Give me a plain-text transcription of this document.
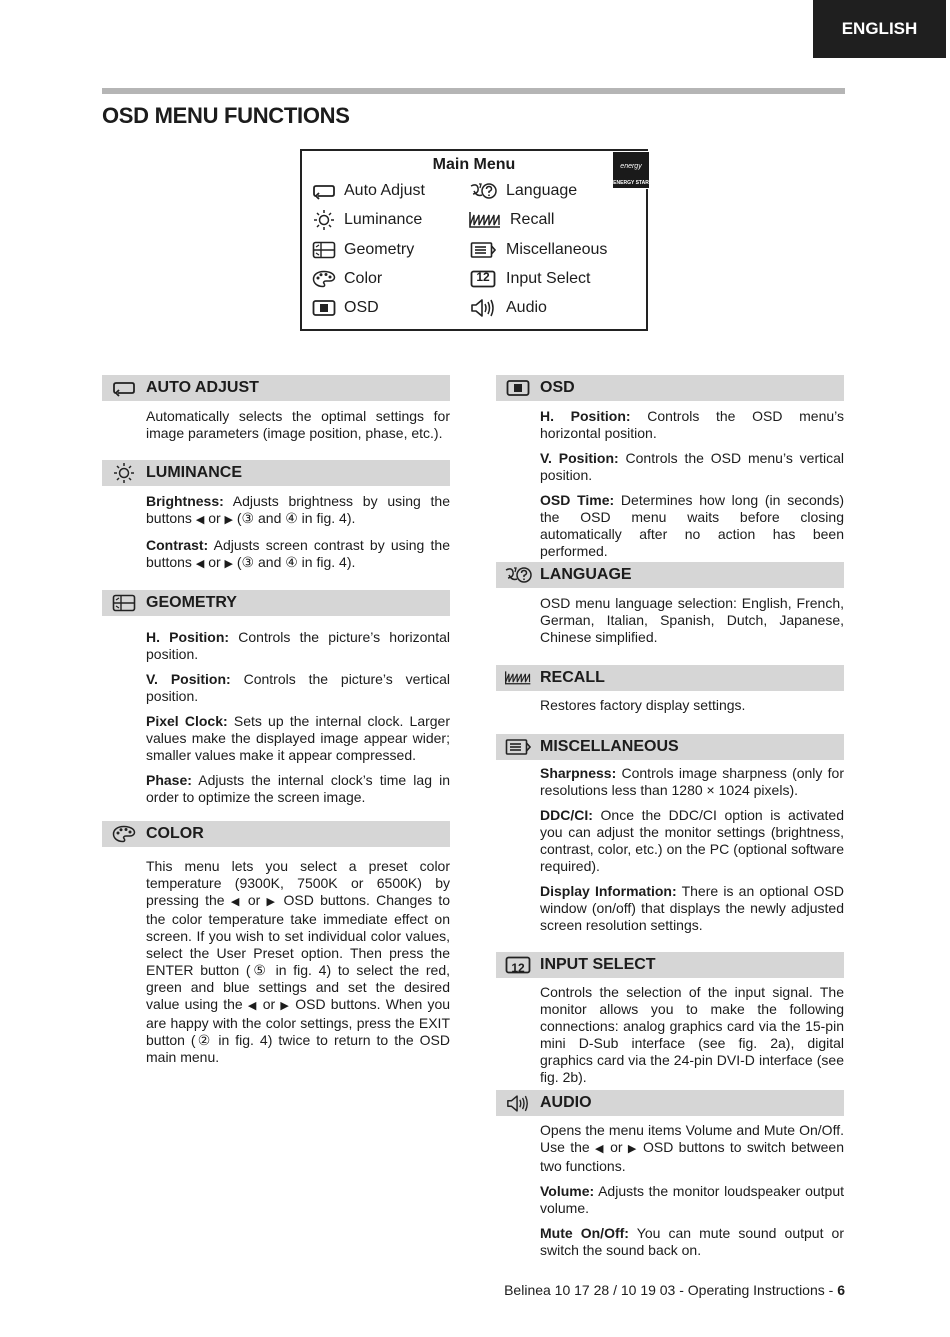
ENGLISH
OSD MENU FUNCTIONS
Main Menu	energy
ENERGY STAR
Auto Adjust
Luminance
Geometry
Color
OSD
Language
Recall
Miscellaneous
12	Input Select
Audio
AUTO ADJUST

Automatically selects the optimal settings for image parameters (image position, phase, etc.).

LUMINANCE

Brightness: Adjusts brightness by using the buttons ◀ or ▶ (③ and ④ in fig. 4).

Contrast: Adjusts screen contrast by using the buttons ◀ or ▶ (③ and ④ in fig. 4).

GEOMETRY

H. Position: Controls the picture’s horizontal position.

V. Position: Controls the picture’s vertical position.

Pixel Clock: Sets up the internal clock. Larger values make the displayed image appear wider; smaller values make it appear compressed.

Phase: Adjusts the internal clock’s time lag in order to optimize the screen image.

COLOR

This menu lets you select a preset color temperature (9300K, 7500K or 6500K) by pressing the ◀ or ▶ OSD buttons. Changes to the color temperature take immediate effect on screen. If you wish to set individual color values, select the User Preset option. Then press the ENTER button (⑤ in fig. 4) to select the red, green and blue settings and set the desired value using the ◀ or ▶ OSD buttons. When you are happy with the color settings, press the EXIT button (② in fig. 4) twice to return to the OSD main menu.

OSD

H. Position: Controls the OSD menu’s horizontal position.

V. Position: Controls the OSD menu’s vertical position.

OSD Time: Determines how long (in seconds) the OSD menu waits before closing automatically after no action has been performed.

LANGUAGE

OSD menu language selection: English, French, German, Italian, Spanish, Dutch, Japanese, Chinese simplified.

RECALL

Restores factory display settings.

MISCELLANEOUS

Sharpness: Controls image sharpness (only for resolutions less than 1280 × 1024 pixels).

DDC/CI: Once the DDC/CI option is activated you can adjust the monitor settings (brightness, contrast, color, etc.) on the PC (optional software required).

Display Information: There is an optional OSD window (on/off) that displays the newly adjusted screen resolution settings.

12 INPUT SELECT

Controls the selection of the input signal. The monitor allows you to make the following connections: analog graphics card via the 15-pin mini D-Sub interface (see fig. 2a), digital graphics card via the 24-pin DVI-D interface (see fig. 2b).

AUDIO

Opens the menu items Volume and Mute On/Off. Use the ◀ or ▶ OSD buttons to switch between two functions.

Volume: Adjusts the monitor loudspeaker output volume.

Mute On/Off: You can mute sound output or switch the sound back on.

Belinea 10 17 28 / 10 19 03 - Operating Instructions - 6
